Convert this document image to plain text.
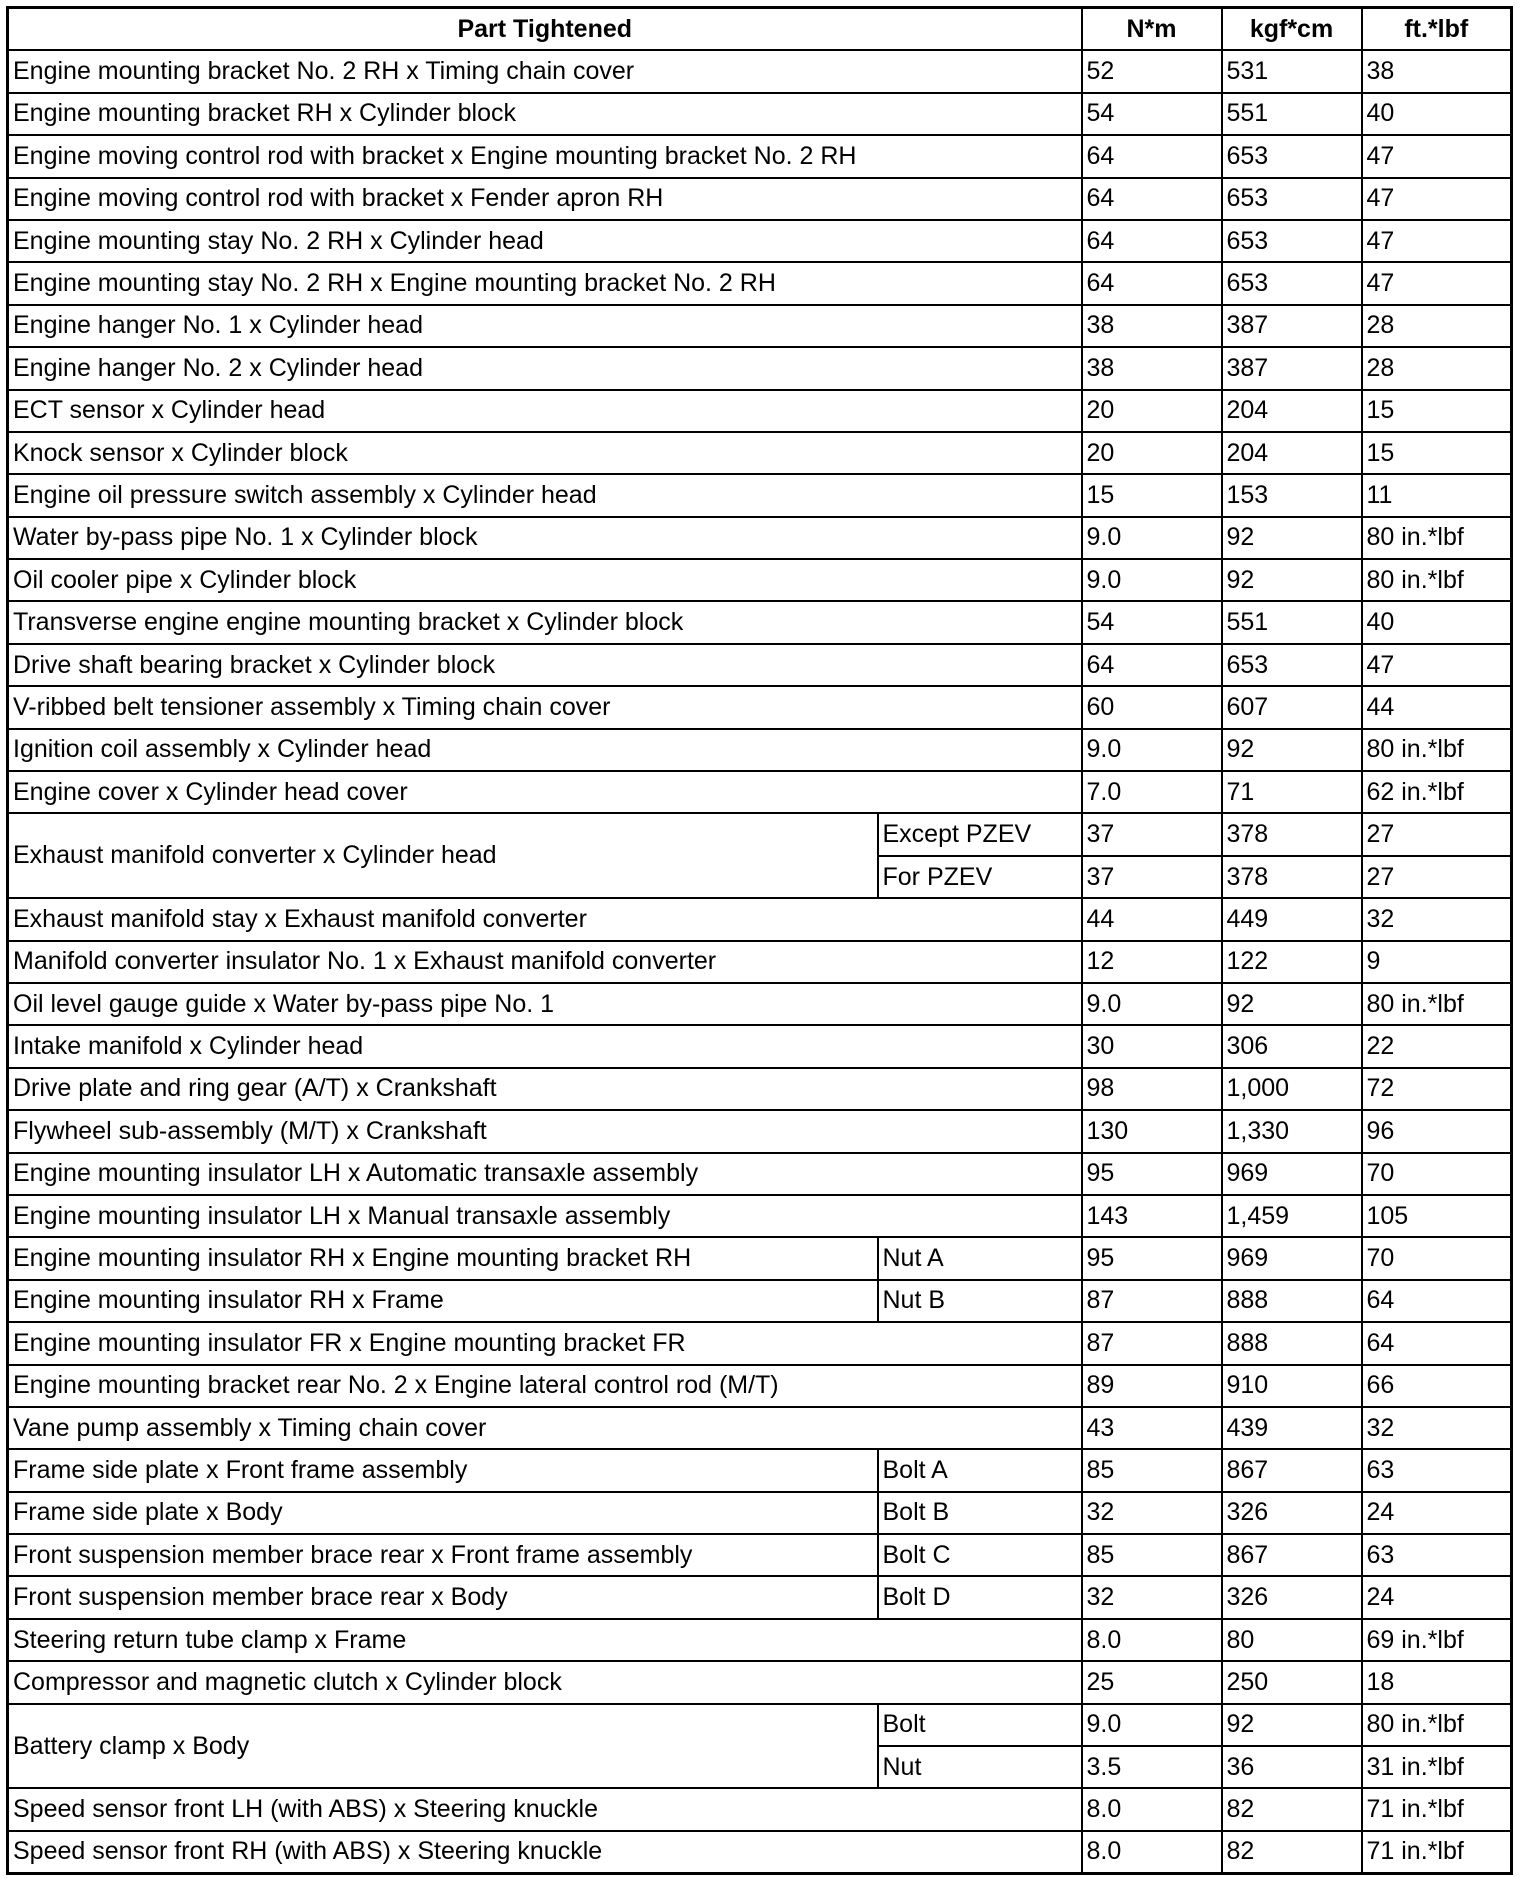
Part Tightened		N*m	kgf*cm	ft.*lbf
Engine mounting bracket No. 2 RH x Timing chain cover		52	531	38
Engine mounting bracket RH x Cylinder block		54	551	40
Engine moving control rod with bracket x Engine mounting bracket No. 2 RH		64	653	47
Engine moving control rod with bracket x Fender apron RH		64	653	47
Engine mounting stay No. 2 RH x Cylinder head		64	653	47
Engine mounting stay No. 2 RH x Engine mounting bracket No. 2 RH		64	653	47
Engine hanger No. 1 x Cylinder head		38	387	28
Engine hanger No. 2 x Cylinder head		38	387	28
ECT sensor x Cylinder head		20	204	15
Knock sensor x Cylinder block		20	204	15
Engine oil pressure switch assembly x Cylinder head		15	153	11
Water by-pass pipe No. 1 x Cylinder block		9.0	92	80 in.*lbf
Oil cooler pipe x Cylinder block		9.0	92	80 in.*lbf
Transverse engine engine mounting bracket x Cylinder block		54	551	40
Drive shaft bearing bracket x Cylinder block		64	653	47
V-ribbed belt tensioner assembly x Timing chain cover		60	607	44
Ignition coil assembly x Cylinder head		9.0	92	80 in.*lbf
Engine cover x Cylinder head cover		7.0	71	62 in.*lbf
Exhaust manifold converter x Cylinder head	Except PZEV	37	378	27
	For PZEV	37	378	27
Exhaust manifold stay x Exhaust manifold converter		44	449	32
Manifold converter insulator No. 1 x Exhaust manifold converter		12	122	9
Oil level gauge guide x Water by-pass pipe No. 1		9.0	92	80 in.*lbf
Intake manifold x Cylinder head		30	306	22
Drive plate and ring gear (A/T) x Crankshaft		98	1,000	72
Flywheel sub-assembly (M/T) x Crankshaft		130	1,330	96
Engine mounting insulator LH x Automatic transaxle assembly		95	969	70
Engine mounting insulator LH x Manual transaxle assembly		143	1,459	105
Engine mounting insulator RH x Engine mounting bracket RH	Nut A	95	969	70
Engine mounting insulator RH x Frame	Nut B	87	888	64
Engine mounting insulator FR x Engine mounting bracket FR		87	888	64
Engine mounting bracket rear No. 2 x Engine lateral control rod (M/T)		89	910	66
Vane pump assembly x Timing chain cover		43	439	32
Frame side plate x Front frame assembly	Bolt A	85	867	63
Frame side plate x Body	Bolt B	32	326	24
Front suspension member brace rear x Front frame assembly	Bolt C	85	867	63
Front suspension member brace rear x Body	Bolt D	32	326	24
Steering return tube clamp x Frame		8.0	80	69 in.*lbf
Compressor and magnetic clutch x Cylinder block		25	250	18
Battery clamp x Body	Bolt	9.0	92	80 in.*lbf
	Nut	3.5	36	31 in.*lbf
Speed sensor front LH (with ABS) x Steering knuckle		8.0	82	71 in.*lbf
Speed sensor front RH (with ABS) x Steering knuckle		8.0	82	71 in.*lbf
